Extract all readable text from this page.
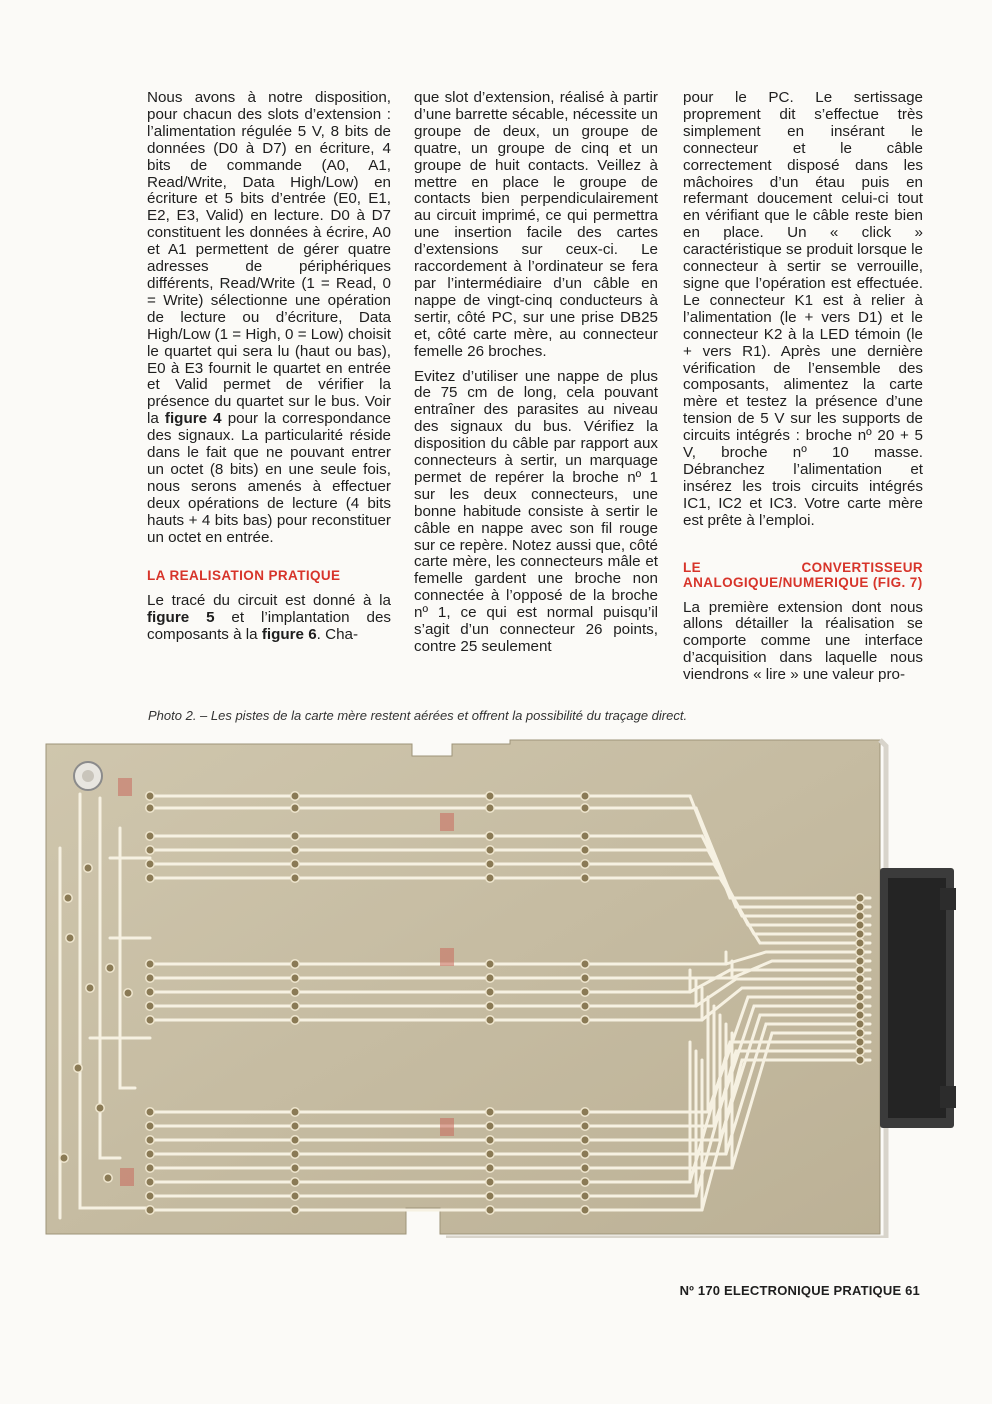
Nous avons à notre disposition, pour chacun des slots d’extension : l’alimentation régulée 5 V, 8 bits de données (D0 à D7) en écriture, 4 bits de commande (A0, A1, Read/Write, Data High/Low) en écriture et 5 bits d’entrée (E0, E1, E2, E3, Valid) en lecture. D0 à D7 constituent les données à écrire, A0 et A1 permettent de gérer quatre adresses de périphériques différents, Read/Write (1 = Read, 0 = Write) sélectionne une opération de lecture ou d’écriture, Data High/Low (1 = High, 0 = Low) choisit le quartet qui sera lu (haut ou bas), E0 à E3 fournit le quartet en entrée et Valid permet de vérifier la présence du quartet sur le bus. Voir la figure 4 pour la correspondance des signaux. La particularité réside dans le fait que ne pouvant entrer un octet (8 bits) en une seule fois, nous serons amenés à effectuer deux opérations de lecture (4 bits hauts + 4 bits bas) pour reconstituer un octet en entrée.

LA REALISATION PRATIQUE

Le tracé du circuit est donné à la figure 5 et l’implantation des composants à la figure 6. Cha-

que slot d’extension, réalisé à partir d’une barrette sécable, nécessite un groupe de deux, un groupe de quatre, un groupe de cinq et un groupe de huit contacts. Veillez à mettre en place le groupe de contacts bien perpendiculairement au circuit imprimé, ce qui permettra une insertion facile des cartes d’extensions sur ceux-ci. Le raccordement à l’ordinateur se fera par l’intermédiaire d’un câble en nappe de vingt-cinq conducteurs à sertir, côté PC, sur une prise DB25 et, côté carte mère, au connecteur femelle 26 broches.

Evitez d’utiliser une nappe de plus de 75 cm de long, cela pouvant entraîner des parasites au niveau des signaux du bus. Vérifiez la disposition du câble par rapport aux connecteurs à sertir, un marquage permet de repérer la broche nº 1 sur les deux connecteurs, une bonne habitude consiste à sertir le câble en nappe avec son fil rouge sur ce repère. Notez aussi que, côté carte mère, les connecteurs mâle et femelle gardent une broche non connectée à l’opposé de la broche nº 1, ce qui est normal puisqu’il s’agit d’un connecteur 26 points, contre 25 seulement

pour le PC. Le sertissage proprement dit s’effectue très simplement en insérant le connecteur et le câble correctement disposé dans les mâchoires d’un étau puis en refermant doucement celui-ci tout en vérifiant que le câble reste bien en place. Un « click » caractéristique se produit lorsque le connecteur à sertir se verrouille, signe que l’opération est effectuée. Le connecteur K1 est à relier à l’alimentation (le + vers D1) et le connecteur K2 à la LED témoin (le + vers R1). Après une dernière vérification de l’ensemble des composants, alimentez la carte mère et testez la présence d’une tension de 5 V sur les supports de circuits intégrés : broche nº 20 + 5 V, broche nº 10 masse. Débranchez l’alimentation et insérez les trois circuits intégrés IC1, IC2 et IC3. Votre carte mère est prête à l’emploi.

LE CONVERTISSEUR ANALOGIQUE/NUMERIQUE (FIG. 7)

La première extension dont nous allons détailler la réalisation se comporte comme une interface d’acquisition dans laquelle nous viendrons « lire » une valeur pro-

Photo 2. – Les pistes de la carte mère restent aérées et offrent la possibilité du traçage direct.
Nº 170 ELECTRONIQUE PRATIQUE 61
